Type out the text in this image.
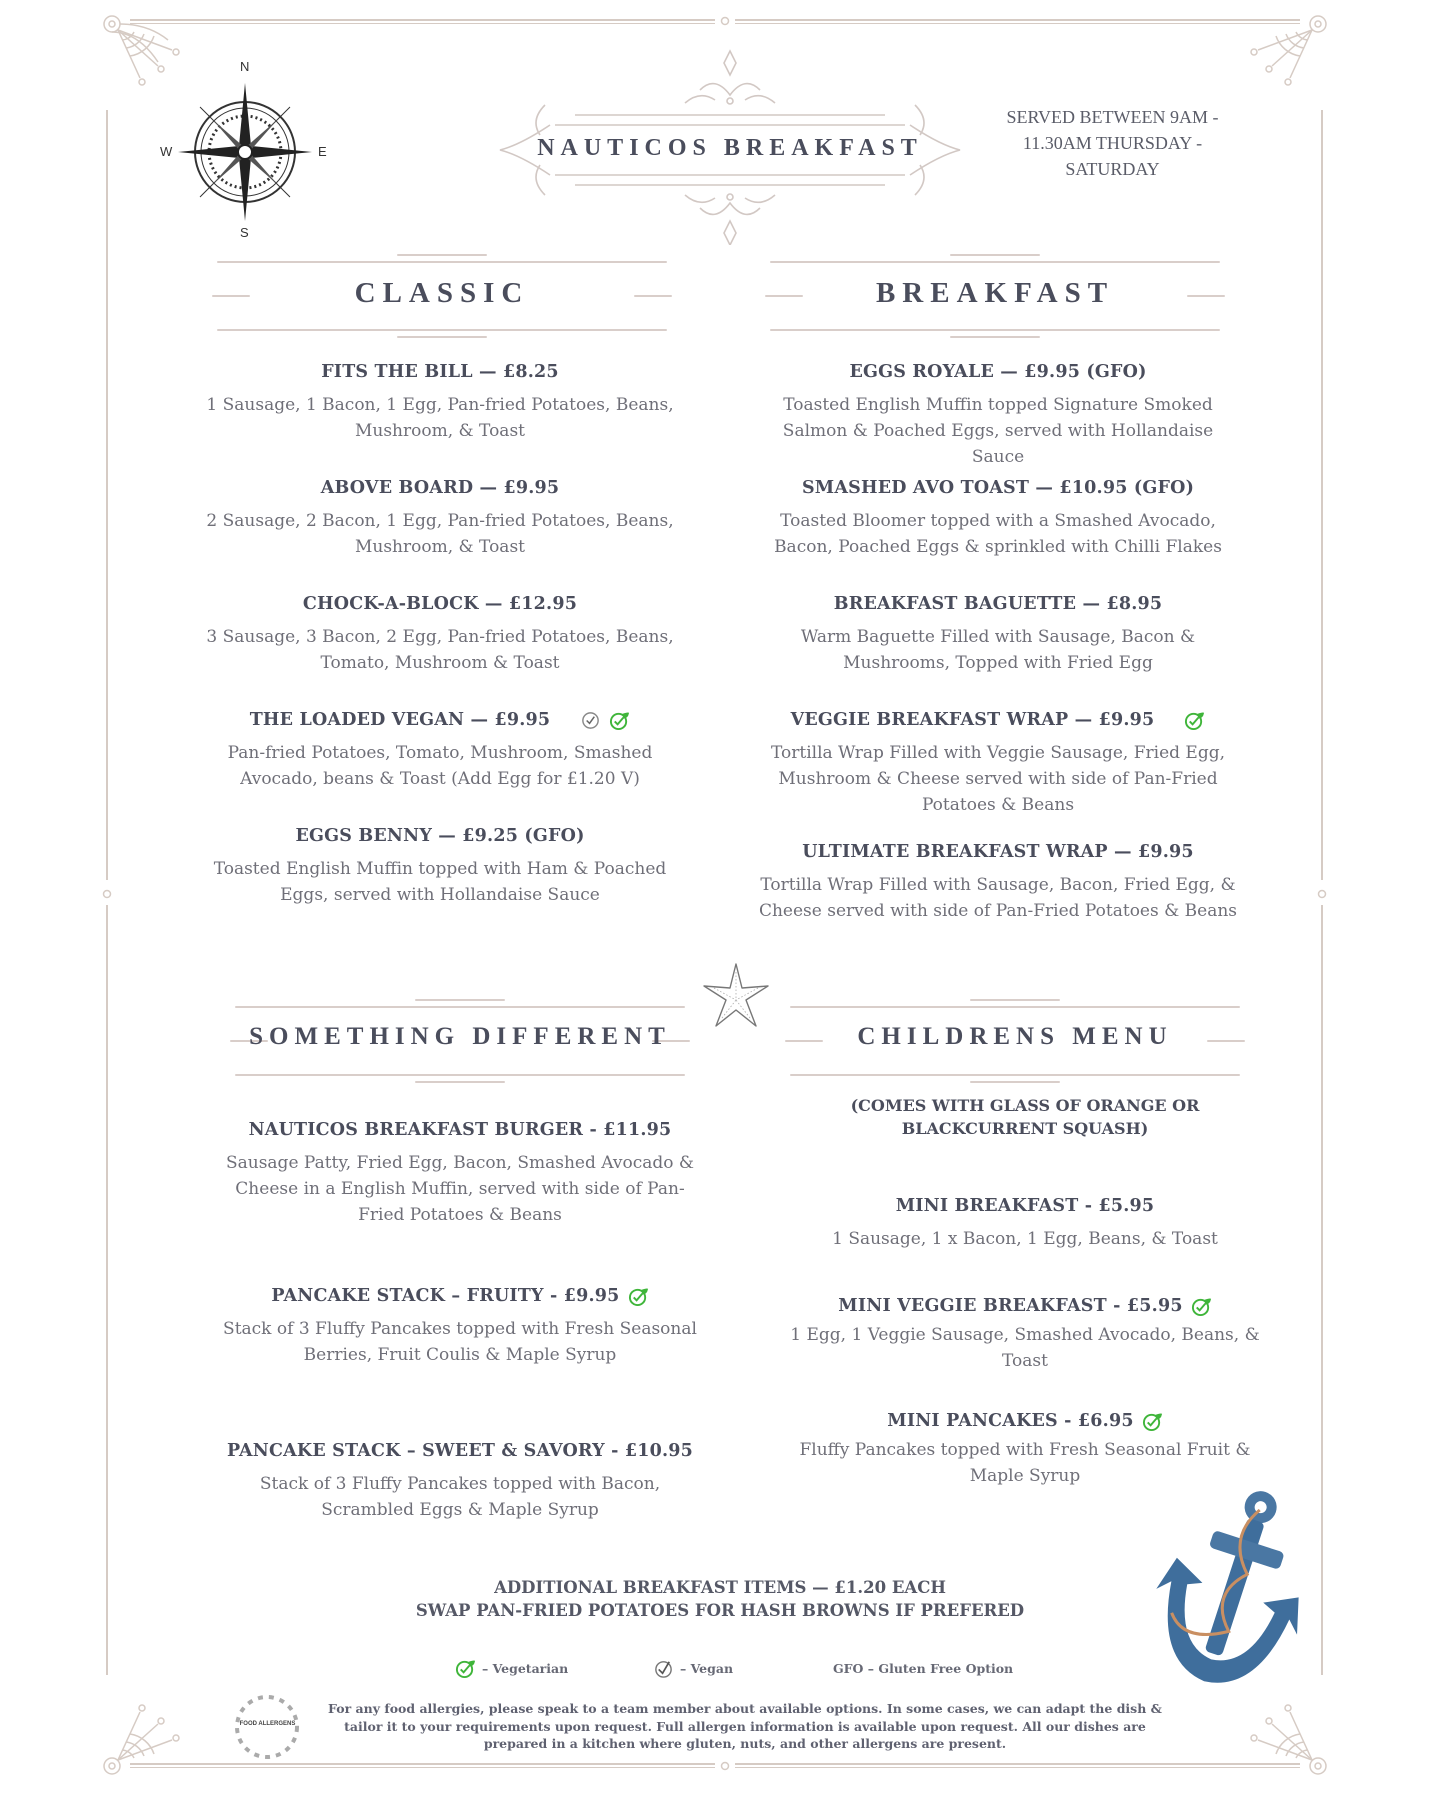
N
S
W	E	NAUTICOS BREAKFAST
SERVED BETWEEN 9AM -
11.30AM THURSDAY -
SATURDAY
CLASSIC	BREAKFAST
FITS THE BILL — £8.25
1 Sausage, 1 Bacon, 1 Egg, Pan-fried Potatoes, Beans, Mushroom, & Toast
ABOVE BOARD — £9.95
2 Sausage, 2 Bacon, 1 Egg, Pan-fried Potatoes, Beans, Mushroom, & Toast
CHOCK-A-BLOCK — £12.95
3 Sausage, 3 Bacon, 2 Egg, Pan-fried Potatoes, Beans, Tomato, Mushroom & Toast
THE LOADED VEGAN — £9.95
Pan-fried Potatoes, Tomato, Mushroom, Smashed Avocado, beans & Toast (Add Egg for £1.20 V)
EGGS BENNY — £9.25 (GFO)
Toasted English Muffin topped with Ham & Poached Eggs, served with Hollandaise Sauce
EGGS ROYALE — £9.95 (GFO)
Toasted English Muffin topped Signature Smoked Salmon & Poached Eggs, served with Hollandaise Sauce
SMASHED AVO TOAST — £10.95 (GFO)
Toasted Bloomer topped with a Smashed Avocado, Bacon, Poached Eggs & sprinkled with Chilli Flakes
BREAKFAST BAGUETTE — £8.95
Warm Baguette Filled with Sausage, Bacon & Mushrooms, Topped with Fried Egg
VEGGIE BREAKFAST WRAP — £9.95
Tortilla Wrap Filled with Veggie Sausage, Fried Egg, Mushroom & Cheese served with side of Pan-Fried Potatoes & Beans
ULTIMATE BREAKFAST WRAP — £9.95
Tortilla Wrap Filled with Sausage, Bacon, Fried Egg, & Cheese served with side of Pan-Fried Potatoes & Beans
SOMETHING DIFFERENT	CHILDRENS MENU
NAUTICOS BREAKFAST BURGER - £11.95
Sausage Patty, Fried Egg, Bacon, Smashed Avocado & Cheese in a English Muffin, served with side of Pan-Fried Potatoes & Beans
PANCAKE STACK – FRUITY - £9.95
Stack of 3 Fluffy Pancakes topped with Fresh Seasonal Berries, Fruit Coulis & Maple Syrup
PANCAKE STACK – SWEET & SAVORY - £10.95
Stack of 3 Fluffy Pancakes topped with Bacon, Scrambled Eggs & Maple Syrup
(COMES WITH GLASS OF ORANGE OR BLACKCURRENT SQUASH)
MINI BREAKFAST - £5.95
1 Sausage, 1 x Bacon, 1 Egg, Beans, & Toast
MINI VEGGIE BREAKFAST - £5.95
1 Egg, 1 Veggie Sausage, Smashed Avocado, Beans, & Toast
MINI PANCAKES - £6.95
Fluffy Pancakes topped with Fresh Seasonal Fruit & Maple Syrup
ADDITIONAL BREAKFAST ITEMS — £1.20 EACH
SWAP PAN-FRIED POTATOES FOR HASH BROWNS IF PREFERED
– Vegetarian	– Vegan	GFO – Gluten Free Option
FOOD ALLERGENS
For any food allergies, please speak to a team member about available options. In some cases, we can adapt the dish & tailor it to your requirements upon request. Full allergen information is available upon request. All our dishes are prepared in a kitchen where gluten, nuts, and other allergens are present.
